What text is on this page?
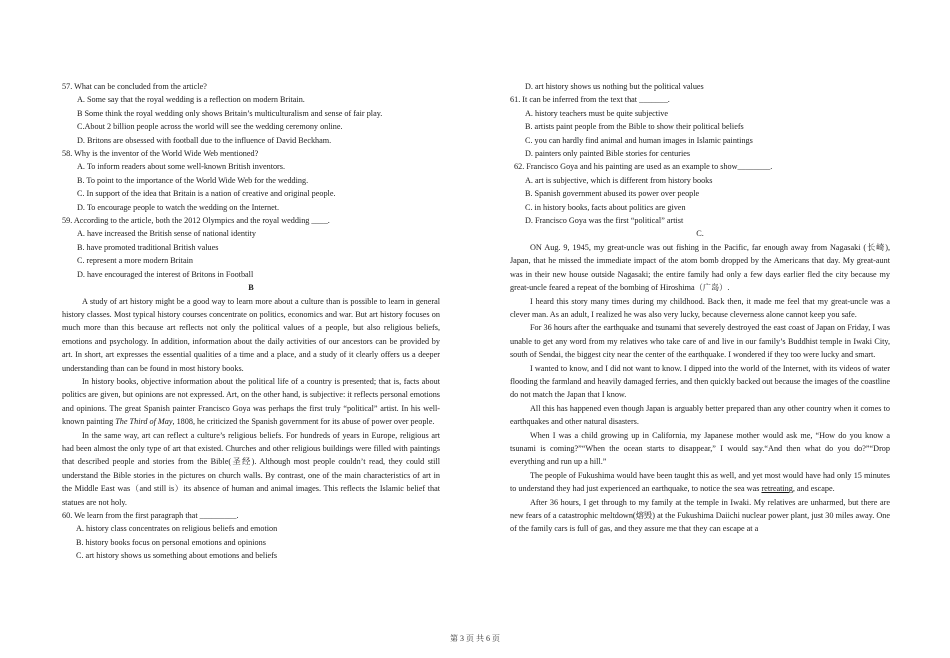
57. What can be concluded from the article?
A. Some say that the royal wedding is a reflection on modern Britain.
B Some think the royal wedding only shows Britain’s multiculturalism and sense of fair play.
C.About 2 billion people across the world will see the wedding ceremony online.
D. Britons are obsessed with football due to the influence of David Beckham.
58. Why is the inventor of the World Wide Web mentioned?
A. To inform readers about some well-known British inventors.
B. To point to the importance of the World Wide Web for the wedding.
C. In support of the idea that Britain is a nation of creative and original people.
D. To encourage people to watch the wedding on the Internet.
59. According to the article, both the 2012 Olympics and the royal wedding ____.
A. have increased the British sense of national identity
B. have promoted traditional British values
C. represent a more modern Britain
D. have encouraged the interest of Britons in Football
B
A study of art history might be a good way to learn more about a culture than is possible to learn in general history classes. Most typical history courses concentrate on politics, economics and war. But art history focuses on much more than this because art reflects not only the political values of a people, but also religious beliefs, emotions and psychology. In addition, information about the daily activities of our ancestors can be provided by art. In short, art expresses the essential qualities of a time and a place, and a study of it clearly offers us a deeper understanding than can be found in most history books.
In history books, objective information about the political life of a country is presented; that is, facts about politics are given, but opinions are not expressed. Art, on the other hand, is subjective: it reflects personal emotions and opinions. The great Spanish painter Francisco Goya was perhaps the first truly “political” artist. In his well-known painting The Third of May, 1808, he criticized the Spanish government for its abuse of power over people.
In the same way, art can reflect a culture’s religious beliefs. For hundreds of years in Europe, religious art had been almost the only type of art that existed. Churches and other religious buildings were filled with paintings that described people and stories from the Bible(圣经). Although most people couldn’t read, they could still understand the Bible stories in the pictures on church walls. By contrast, one of the main characteristics of art in the Middle East was（and still is）its absence of human and animal images. This reflects the Islamic belief that statues are not holy.
60. We learn from the first paragraph that _________.
A. history class concentrates on religious beliefs and emotion
B. history books focus on personal emotions and opinions
C. art history shows us something about emotions and beliefs
D. art history shows us nothing but the political values
61. It can be inferred from the text that _______.
A. history teachers must be quite subjective
B. artists paint people from the Bible to show their political beliefs
C. you can hardly find animal and human images in Islamic paintings
D. painters only painted Bible stories for centuries
62. Francisco Goya and his painting are used as an example to show________.
A. art is subjective, which is different from history books
B. Spanish government abused its power over people
C. in history books, facts about politics are given
D. Francisco Goya was the first “political” artist
C.
ON Aug. 9, 1945, my great-uncle was out fishing in the Pacific, far enough away from Nagasaki (长崎), Japan, that he missed the immediate impact of the atom bomb dropped by the Americans that day. My great-aunt was in their new house outside Nagasaki; the entire family had only a few days earlier fled the city because my great-uncle feared a repeat of the bombing of Hiroshima（广岛）.
I heard this story many times during my childhood. Back then, it made me feel that my great-uncle was a clever man. As an adult, I realized he was also very lucky, because cleverness alone cannot keep you safe.
For 36 hours after the earthquake and tsunami that severely destroyed the east coast of Japan on Friday, I was unable to get any word from my relatives who take care of and live in our family’s Buddhist temple in Iwaki City, south of Sendai, the biggest city near the center of the earthquake. I wondered if they too were lucky and smart.
I wanted to know, and I did not want to know. I dipped into the world of the Internet, with its videos of water flooding the farmland and heavily damaged ferries, and then quickly backed out because the images of the coastline do not match the Japan that I know.
All this has happened even though Japan is arguably better prepared than any other country when it comes to earthquakes and other natural disasters.
When I was a child growing up in California, my Japanese mother would ask me, “How do you know a tsunami is coming?”“When the ocean starts to disappear,” I would say.“And then what do you do?”“Drop everything and run up a hill.”
The people of Fukushima would have been taught this as well, and yet most would have had only 15 minutes to understand they had just experienced an earthquake, to notice the sea was retreating, and escape.
After 36 hours, I get through to my family at the temple in Iwaki. My relatives are unharmed, but there are new fears of a catastrophic meltdown(熔毁) at the Fukushima Daiichi nuclear power plant, just 30 miles away. One of the family cars is full of gas, and they assure me that they can escape at a
第 3 页 共 6 页
